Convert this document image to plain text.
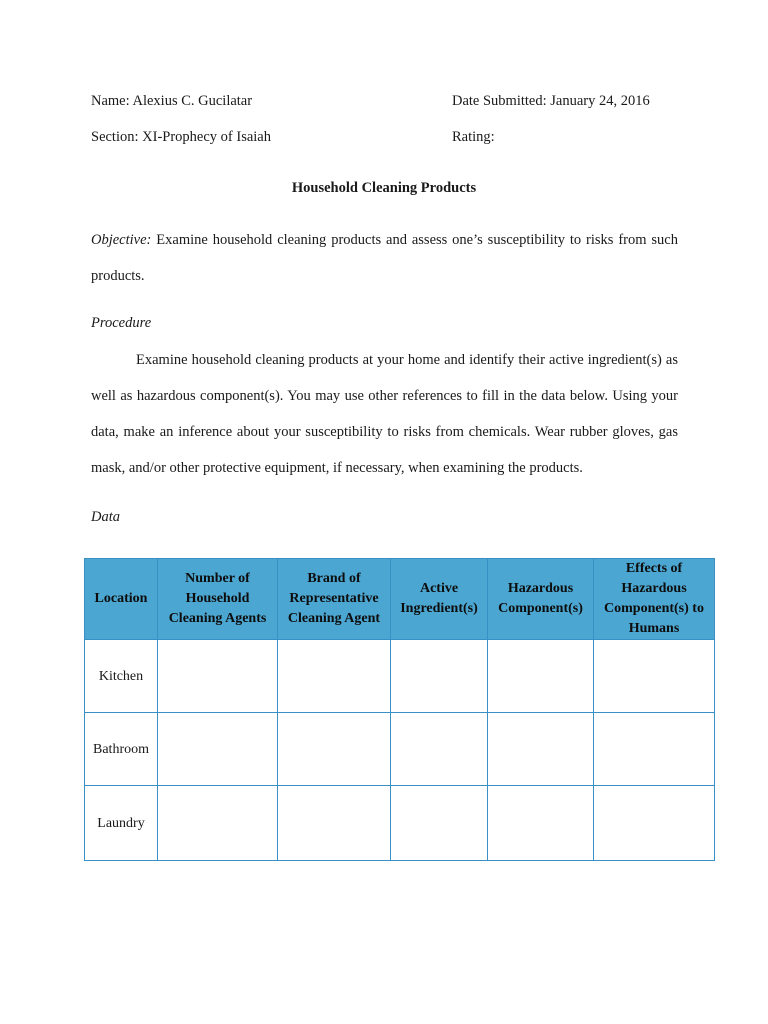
Name: Alexius C. Gucilatar	Date Submitted: January 24, 2016
Section: XI-Prophecy of Isaiah	Rating:
Household Cleaning Products
Objective: Examine household cleaning products and assess one’s susceptibility to risks from such products.
Procedure
Examine household cleaning products at your home and identify their active ingredient(s) as well as hazardous component(s). You may use other references to fill in the data below. Using your data, make an inference about your susceptibility to risks from chemicals. Wear rubber gloves, gas mask, and/or other protective equipment, if necessary, when examining the products.
Data
Location	Number of Household Cleaning Agents	Brand of Representative Cleaning Agent	Active Ingredient(s)	Hazardous Component(s)	Effects of Hazardous Component(s) to Humans
Kitchen					
Bathroom					
Laundry					
